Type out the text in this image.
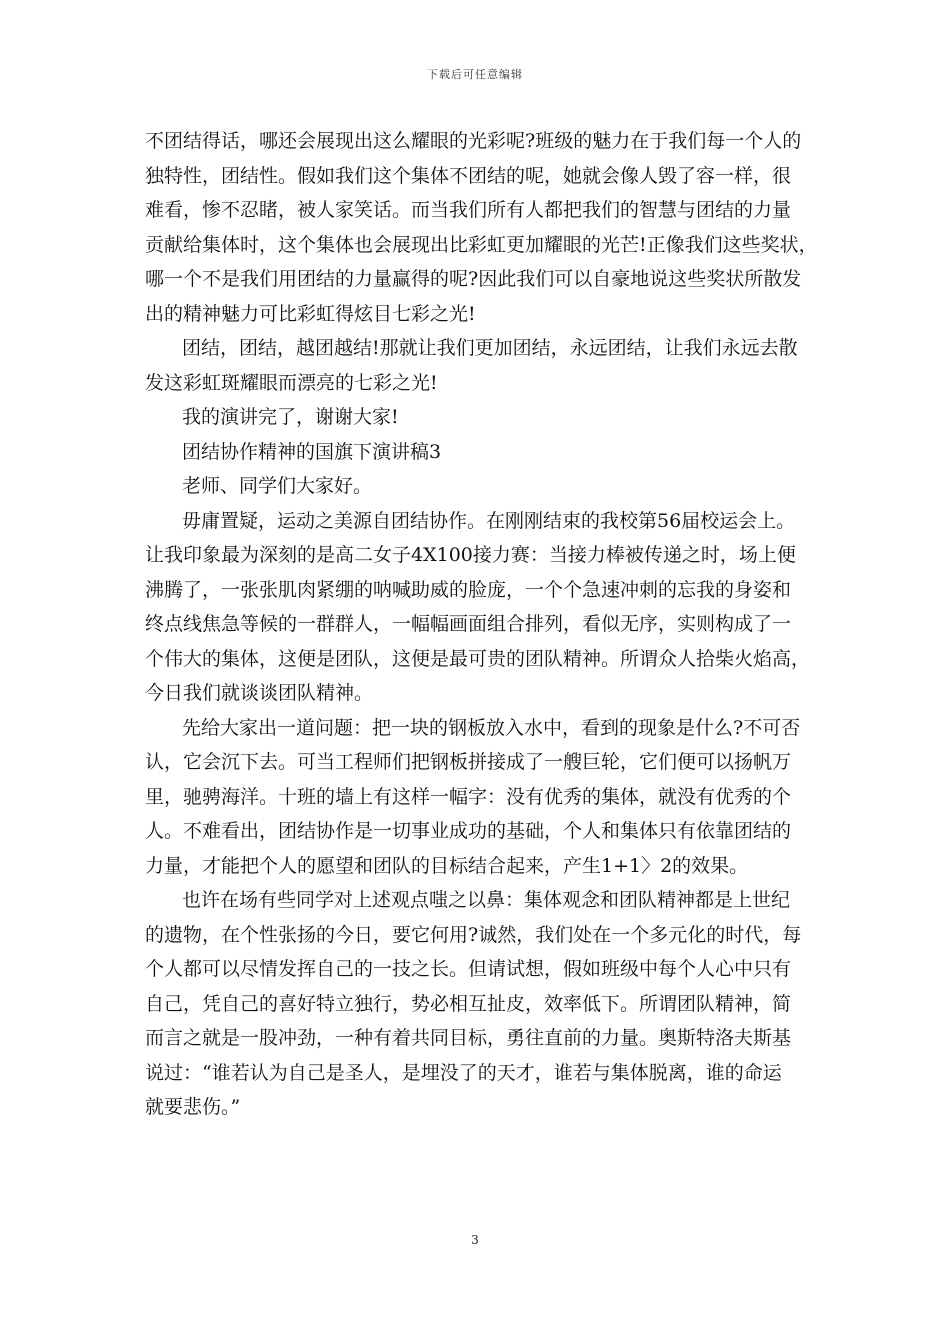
下载后可任意编辑
不团结得话，哪还会展现出这么耀眼的光彩呢?班级的魅力在于我们每一个人的
独特性，团结性。假如我们这个集体不团结的呢，她就会像人毁了容一样，很
难看，惨不忍睹，被人家笑话。而当我们所有人都把我们的智慧与团结的力量
贡献给集体时，这个集体也会展现出比彩虹更加耀眼的光芒!正像我们这些奖状，
哪一个不是我们用团结的力量赢得的呢?因此我们可以自豪地说这些奖状所散发
出的精神魅力可比彩虹得炫目七彩之光!
团结，团结，越团越结!那就让我们更加团结，永远团结，让我们永远去散
发这彩虹斑耀眼而漂亮的七彩之光!
我的演讲完了，谢谢大家!
团结协作精神的国旗下演讲稿3
老师、同学们大家好。
毋庸置疑，运动之美源自团结协作。在刚刚结束的我校第56届校运会上。
让我印象最为深刻的是高二女子4X100接力赛：当接力棒被传递之时，场上便
沸腾了，一张张肌肉紧绷的呐喊助威的脸庞，一个个急速冲刺的忘我的身姿和
终点线焦急等候的一群群人，一幅幅画面组合排列，看似无序，实则构成了一
个伟大的集体，这便是团队，这便是最可贵的团队精神。所谓众人拾柴火焰高，
今日我们就谈谈团队精神。
先给大家出一道问题：把一块的钢板放入水中，看到的现象是什么?不可否
认，它会沉下去。可当工程师们把钢板拼接成了一艘巨轮，它们便可以扬帆万
里，驰骋海洋。十班的墙上有这样一幅字：没有优秀的集体，就没有优秀的个
人。不难看出，团结协作是一切事业成功的基础，个人和集体只有依靠团结的
力量，才能把个人的愿望和团队的目标结合起来，产生1+1〉2的效果。
也许在场有些同学对上述观点嗤之以鼻：集体观念和团队精神都是上世纪
的遗物，在个性张扬的今日，要它何用?诚然，我们处在一个多元化的时代，每
个人都可以尽情发挥自己的一技之长。但请试想，假如班级中每个人心中只有
自己，凭自己的喜好特立独行，势必相互扯皮，效率低下。所谓团队精神，简
而言之就是一股冲劲，一种有着共同目标，勇往直前的力量。奥斯特洛夫斯基
说过：“谁若认为自己是圣人，是埋没了的天才，谁若与集体脱离，谁的命运
就要悲伤。”
3
